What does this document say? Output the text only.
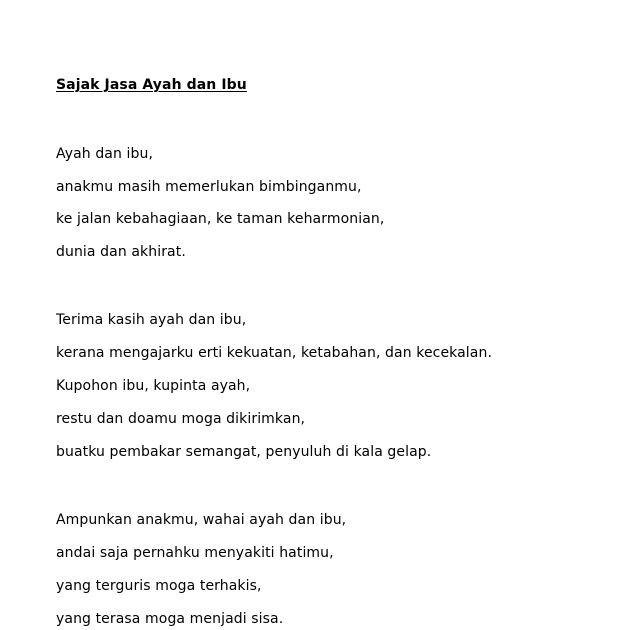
Sajak Jasa Ayah dan Ibu
Ayah dan ibu,
anakmu masih memerlukan bimbinganmu,
ke jalan kebahagiaan, ke taman keharmonian,
dunia dan akhirat.
Terima kasih ayah dan ibu,
kerana mengajarku erti kekuatan, ketabahan, dan kecekalan.
Kupohon ibu, kupinta ayah,
restu dan doamu moga dikirimkan,
buatku pembakar semangat, penyuluh di kala gelap.
Ampunkan anakmu, wahai ayah dan ibu,
andai saja pernahku menyakiti hatimu,
yang terguris moga terhakis,
yang terasa moga menjadi sisa.
